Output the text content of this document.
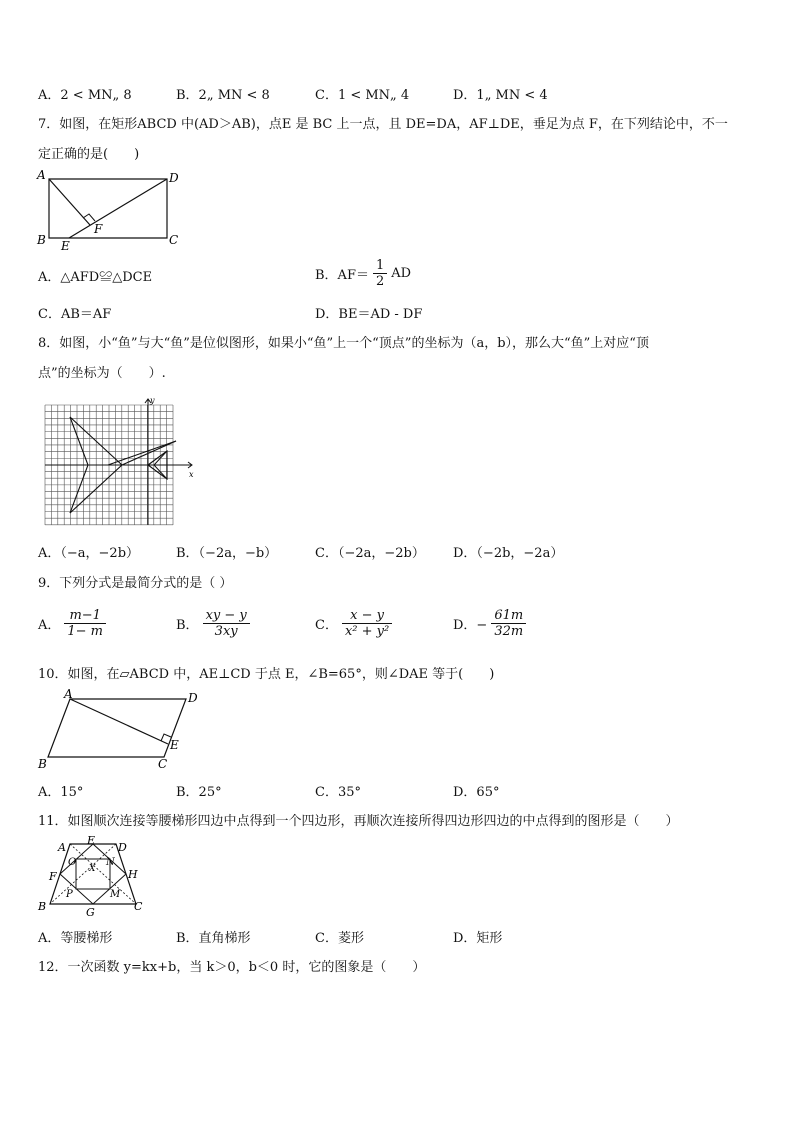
A．2 < MN„ 8	B．2„ MN < 8	C．1 < MN„ 4	D．1„ MN < 4
7．如图，在矩形ABCD 中(AD＞AB)，点E 是 BC 上一点，且 DE=DA，AF⊥DE，垂足为点 F，在下列结论中，不一
定正确的是(　　)
A	D
B	C
E
F
A．△AFD≌△DCE	B．$AF= \frac{1}{2}$ AD
C．AB＝AF	D．BE＝AD - DF
8．如图，小“鱼”与大“鱼”是位似图形，如果小“鱼”上一个“顶点”的坐标为（a，b），那么大“鱼”上对应“顶
点”的坐标为（　　）.
x
y
A．（−a，−2b）	B．（−2a，−b）	C．（−2a，−2b） D．（−2b，−2a）
9．下列分式是最简分式的是（ ）
A． $\frac{m-1}{1- m}$	B． $\frac{xy - y}{3xy}$	C． $\frac{x - y}{\text{x² + y²}}$	D．− $\frac{61m}{32m}$
10．如图，在▱ABCD 中，AE⊥CD 于点 E，∠B=65°，则∠DAE 等于(　　)
A	D
B	C
E
A．15°	B．25°	C．35°	D．65°
11．如图顺次连接等腰梯形四边中点得到一个四边形，再顺次连接所得四边形四边的中点得到的图形是（　　）
A
E
D
O	N
X
F	H
P	M
B	G	C
A．等腰梯形	B．直角梯形	C．菱形	D．矩形
12．一次函数 y=kx+b，当 k＞0，b＜0 时，它的图象是（　　）
